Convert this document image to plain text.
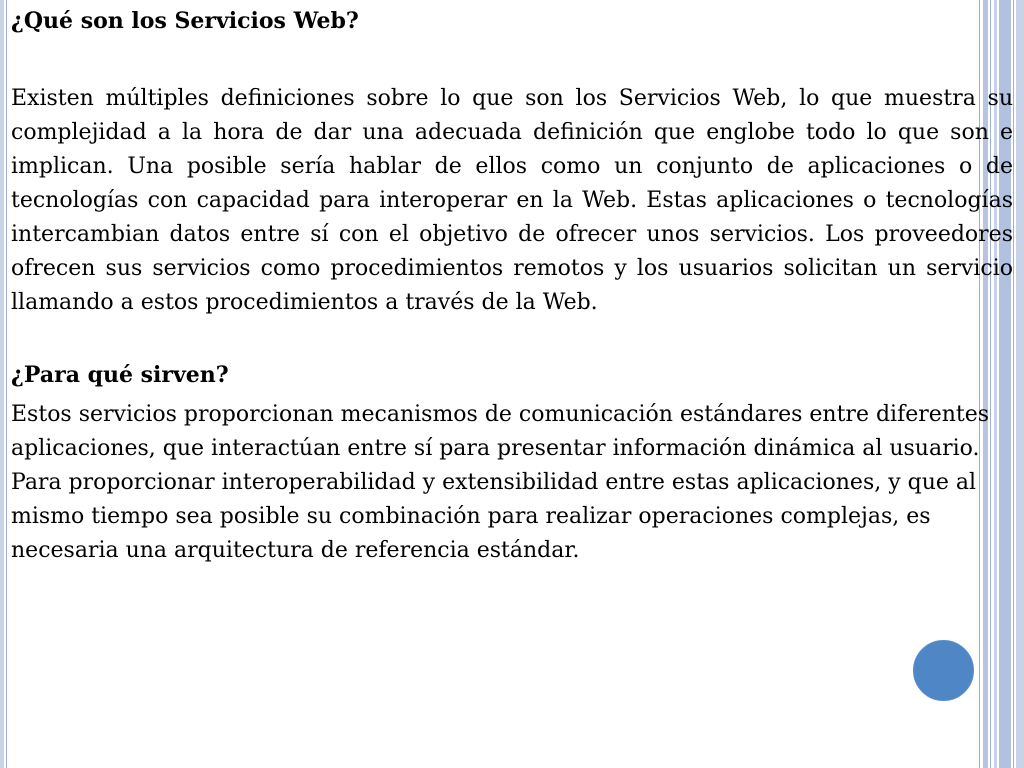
¿Qué son los Servicios Web?

Existen múltiples definiciones sobre lo que son los Servicios Web, lo que muestra su complejidad a la hora de dar una adecuada definición que englobe todo lo que son e implican. Una posible sería hablar de ellos como un conjunto de aplicaciones o de tecnologías con capacidad para interoperar en la Web. Estas aplicaciones o tecnologías intercambian datos entre sí con el objetivo de ofrecer unos servicios. Los proveedores ofrecen sus servicios como procedimientos remotos y los usuarios solicitan un servicio llamando a estos procedimientos a través de la Web.

¿Para qué sirven?

Estos servicios proporcionan mecanismos de comunicación estándares entre diferentes aplicaciones, que interactúan entre sí para presentar información dinámica al usuario. Para proporcionar interoperabilidad y extensibilidad entre estas aplicaciones, y que al mismo tiempo sea posible su combinación para realizar operaciones complejas, es necesaria una arquitectura de referencia estándar.
